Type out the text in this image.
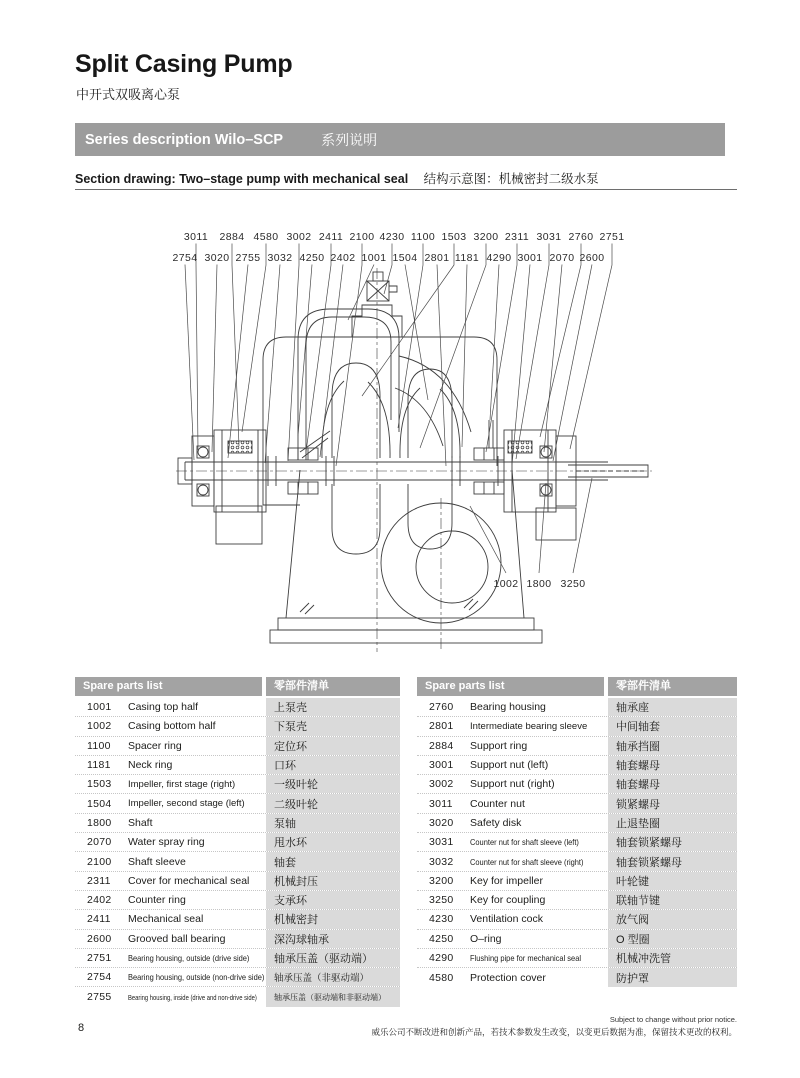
Split Casing Pump
中开式双吸离心泵
Series description Wilo–SCP	系列说明
Section drawing: Two–stage pump with mechanical seal 结构示意图：机械密封二级水泵
3011 2884 4580 3002 2411 2100 4230 1100 1503 3200 2311 3031 2760 2751
2754 3020 2755 3032 4250 2402 1001 1504 2801 1181 4290 3001 2070 2600
1002 1800 3250
Spare parts list	零部件清单
1001	Casing top half	上泵壳
1002	Casing bottom half	下泵壳
1100	Spacer ring	定位环
1181	Neck ring	口环
1503	Impeller, first stage (right)	一级叶轮
1504	Impeller, second stage (left)	二级叶轮
1800	Shaft	泵轴
2070	Water spray ring	甩水环
2100	Shaft sleeve	轴套
2311	Cover for mechanical seal 机械封压
2402	Counter ring	支承环
2411	Mechanical seal	机械密封
2600	Grooved ball bearing	深沟球轴承
2751	Bearing housing, outside (drive side) 轴承压盖（驱动端）
2754	Bearing housing, outside (non-drive side) 轴承压盖（非驱动端）
2755	Bearing housing, inside (drive and non-drive side) 轴承压盖（驱动端和非驱动端）
Spare parts list	零部件清单
2760	Bearing housing	轴承座
2801	Intermediate bearing sleeve	中间轴套
2884	Support ring	轴承挡圈
3001	Support nut (left)	轴套螺母
3002	Support nut (right)	轴套螺母
3011	Counter nut	锁紧螺母
3020	Safety disk	止退垫圈
3031	Counter nut for shaft sleeve (left)	轴套锁紧螺母
3032	Counter nut for shaft sleeve (right)	轴套锁紧螺母
3200	Key for impeller	叶轮键
3250	Key for coupling	联轴节键
4230	Ventilation cock	放气阀
4250	O–ring	O 型圈
4290	Flushing pipe for mechanical seal	机械冲洗管
4580	Protection cover	防护罩
8
Subject to change without prior notice.
威乐公司不断改进和创新产品，若技术参数发生改变，以变更后数据为准，保留技术更改的权利。
